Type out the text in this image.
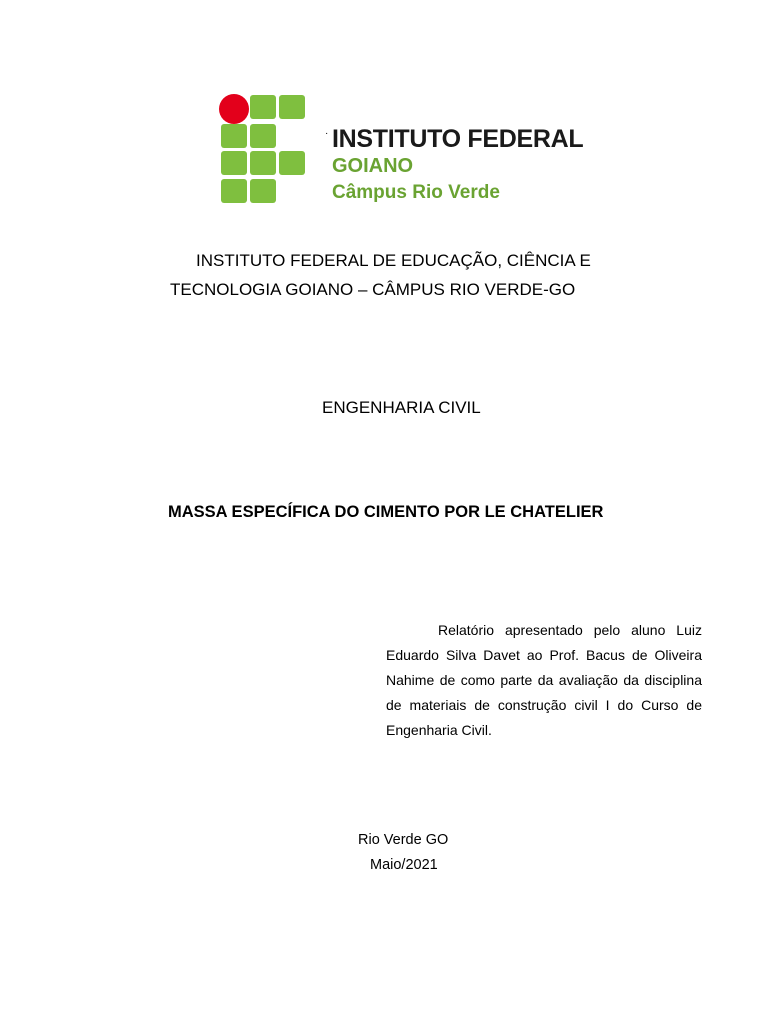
· INSTITUTO FEDERAL
GOIANO
Câmpus Rio Verde
INSTITUTO FEDERAL DE EDUCAÇÃO, CIÊNCIA E
TECNOLOGIA GOIANO – CÂMPUS RIO VERDE-GO
ENGENHARIA CIVIL
MASSA ESPECÍFICA DO CIMENTO POR LE CHATELIER
Relatório apresentado pelo aluno Luiz Eduardo Silva Davet ao Prof. Bacus de Oliveira Nahime de como parte da avaliação da disciplina de materiais de construção civil I do Curso de Engenharia Civil.
Rio Verde GO
Maio/2021
